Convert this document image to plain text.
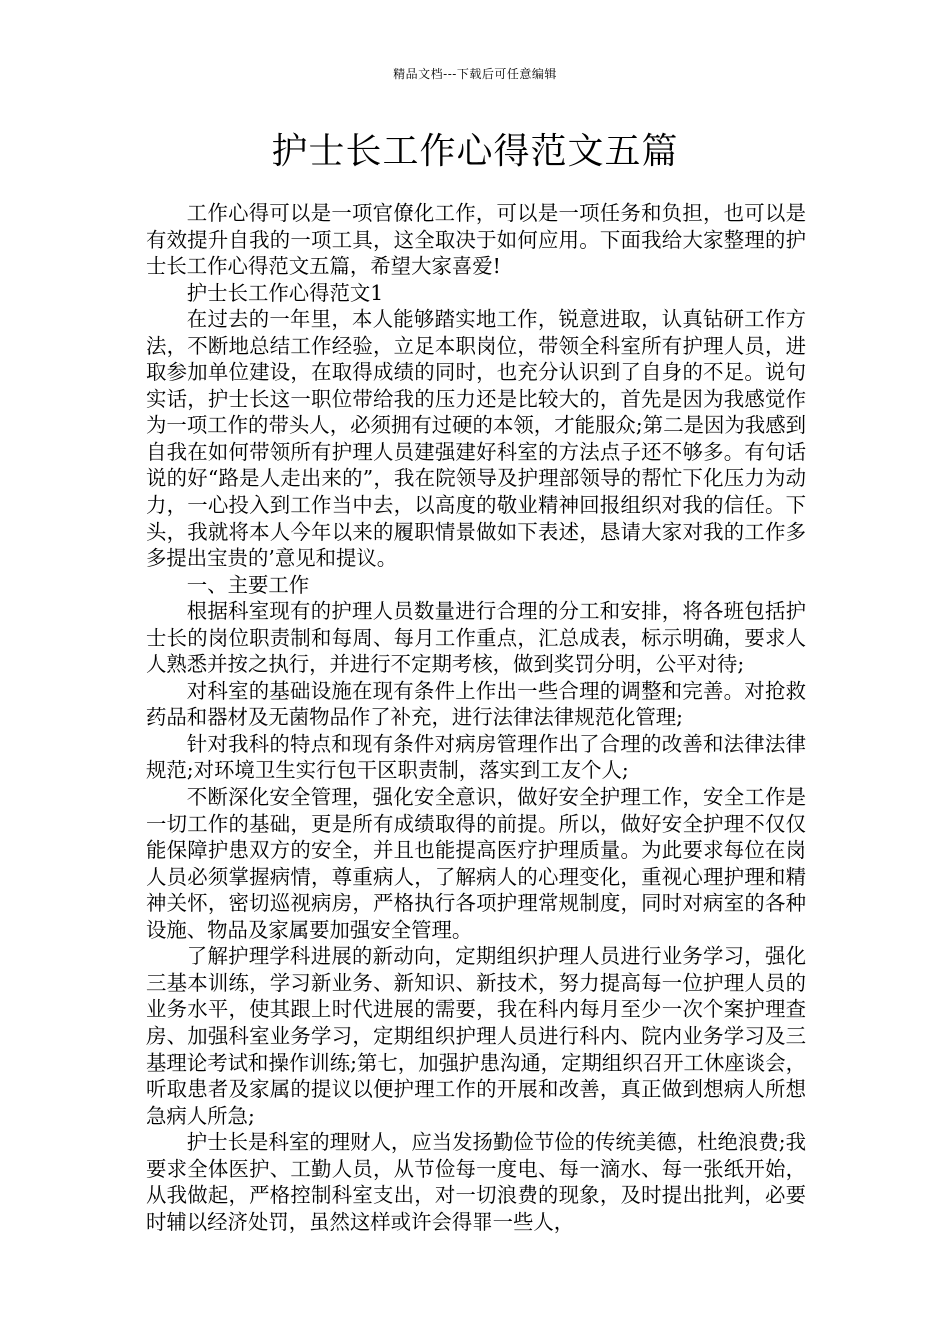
精品文档---下载后可任意编辑
护士长工作心得范文五篇

工作心得可以是一项官僚化工作，可以是一项任务和负担，也可以是有效提升自我的一项工具，这全取决于如何应用。下面我给大家整理的护士长工作心得范文五篇，希望大家喜爱!

护士长工作心得范文1

在过去的一年里，本人能够踏实地工作，锐意进取，认真钻研工作方法，不断地总结工作经验，立足本职岗位，带领全科室所有护理人员，进取参加单位建设，在取得成绩的同时，也充分认识到了自身的不足。说句实话，护士长这一职位带给我的压力还是比较大的，首先是因为我感觉作为一项工作的带头人，必须拥有过硬的本领，才能服众;第二是因为我感到自我在如何带领所有护理人员建强建好科室的方法点子还不够多。有句话说的好“路是人走出来的”，我在院领导及护理部领导的帮忙下化压力为动力，一心投入到工作当中去，以高度的敬业精神回报组织对我的信任。下头，我就将本人今年以来的履职情景做如下表述，恳请大家对我的工作多多提出宝贵的’意见和提议。

一、主要工作

根据科室现有的护理人员数量进行合理的分工和安排，将各班包括护士长的岗位职责制和每周、每月工作重点，汇总成表，标示明确，要求人人熟悉并按之执行，并进行不定期考核，做到奖罚分明，公平对待;

对科室的基础设施在现有条件上作出一些合理的调整和完善。对抢救药品和器材及无菌物品作了补充，进行法律法律规范化管理;

针对我科的特点和现有条件对病房管理作出了合理的改善和法律法律规范;对环境卫生实行包干区职责制，落实到工友个人;

不断深化安全管理，强化安全意识，做好安全护理工作，安全工作是一切工作的基础，更是所有成绩取得的前提。所以，做好安全护理不仅仅能保障护患双方的安全，并且也能提高医疗护理质量。为此要求每位在岗人员必须掌握病情，尊重病人，了解病人的心理变化，重视心理护理和精神关怀，密切巡视病房，严格执行各项护理常规制度，同时对病室的各种设施、物品及家属要加强安全管理。

了解护理学科进展的新动向，定期组织护理人员进行业务学习，强化三基本训练，学习新业务、新知识、新技术，努力提高每一位护理人员的业务水平，使其跟上时代进展的需要，我在科内每月至少一次个案护理查房、加强科室业务学习，定期组织护理人员进行科内、院内业务学习及三基理论考试和操作训练;第七，加强护患沟通，定期组织召开工休座谈会，听取患者及家属的提议以便护理工作的开展和改善，真正做到想病人所想急病人所急;

护士长是科室的理财人，应当发扬勤俭节俭的传统美德，杜绝浪费;我要求全体医护、工勤人员，从节俭每一度电、每一滴水、每一张纸开始，从我做起，严格控制科室支出，对一切浪费的现象，及时提出批判，必要时辅以经济处罚，虽然这样或许会得罪一些人，
